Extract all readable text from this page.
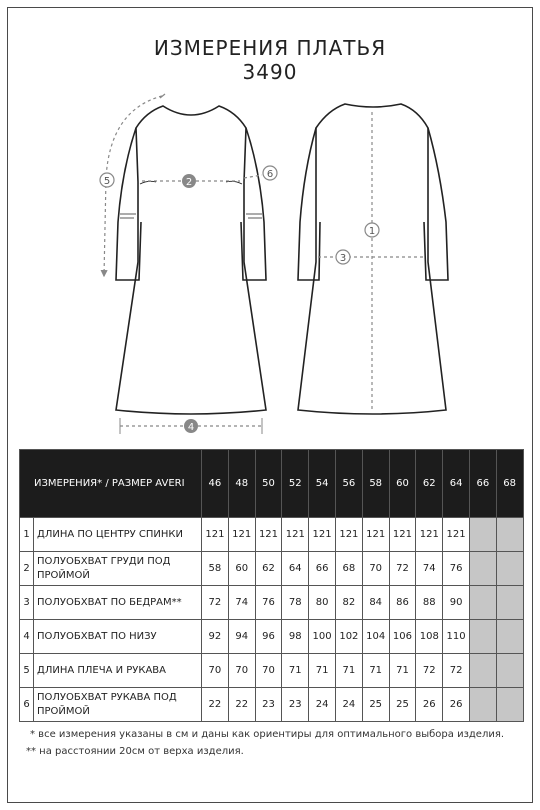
ИЗМЕРЕНИЯ ПЛАТЬЯ
3490
5	2
6
4
1
3
ИЗМЕРЕНИЯ* / РАЗМЕР AVERI		46	48	50	52	54	56	58	60	62	64	66	68
1	ДЛИНА ПО ЦЕНТРУ СПИНКИ	121	121	121	121	121	121	121	121	121	121		
2	ПОЛУОБХВАТ ГРУДИ ПОД ПРОЙМОЙ	58	60	62	64	66	68	70	72	74	76		
3	ПОЛУОБХВАТ ПО БЕДРАМ**	72	74	76	78	80	82	84	86	88	90		
4	ПОЛУОБХВАТ ПО НИЗУ	92	94	96	98	100	102	104	106	108	110		
5	ДЛИНА ПЛЕЧА И РУКАВА	70	70	70	71	71	71	71	71	72	72		
6	ПОЛУОБХВАТ РУКАВА ПОД ПРОЙМОЙ	22	22	23	23	24	24	25	25	26	26		
* все измерения указаны в см и даны как ориентиры для оптимального выбора изделия.
** на расстоянии 20см от верха изделия.
